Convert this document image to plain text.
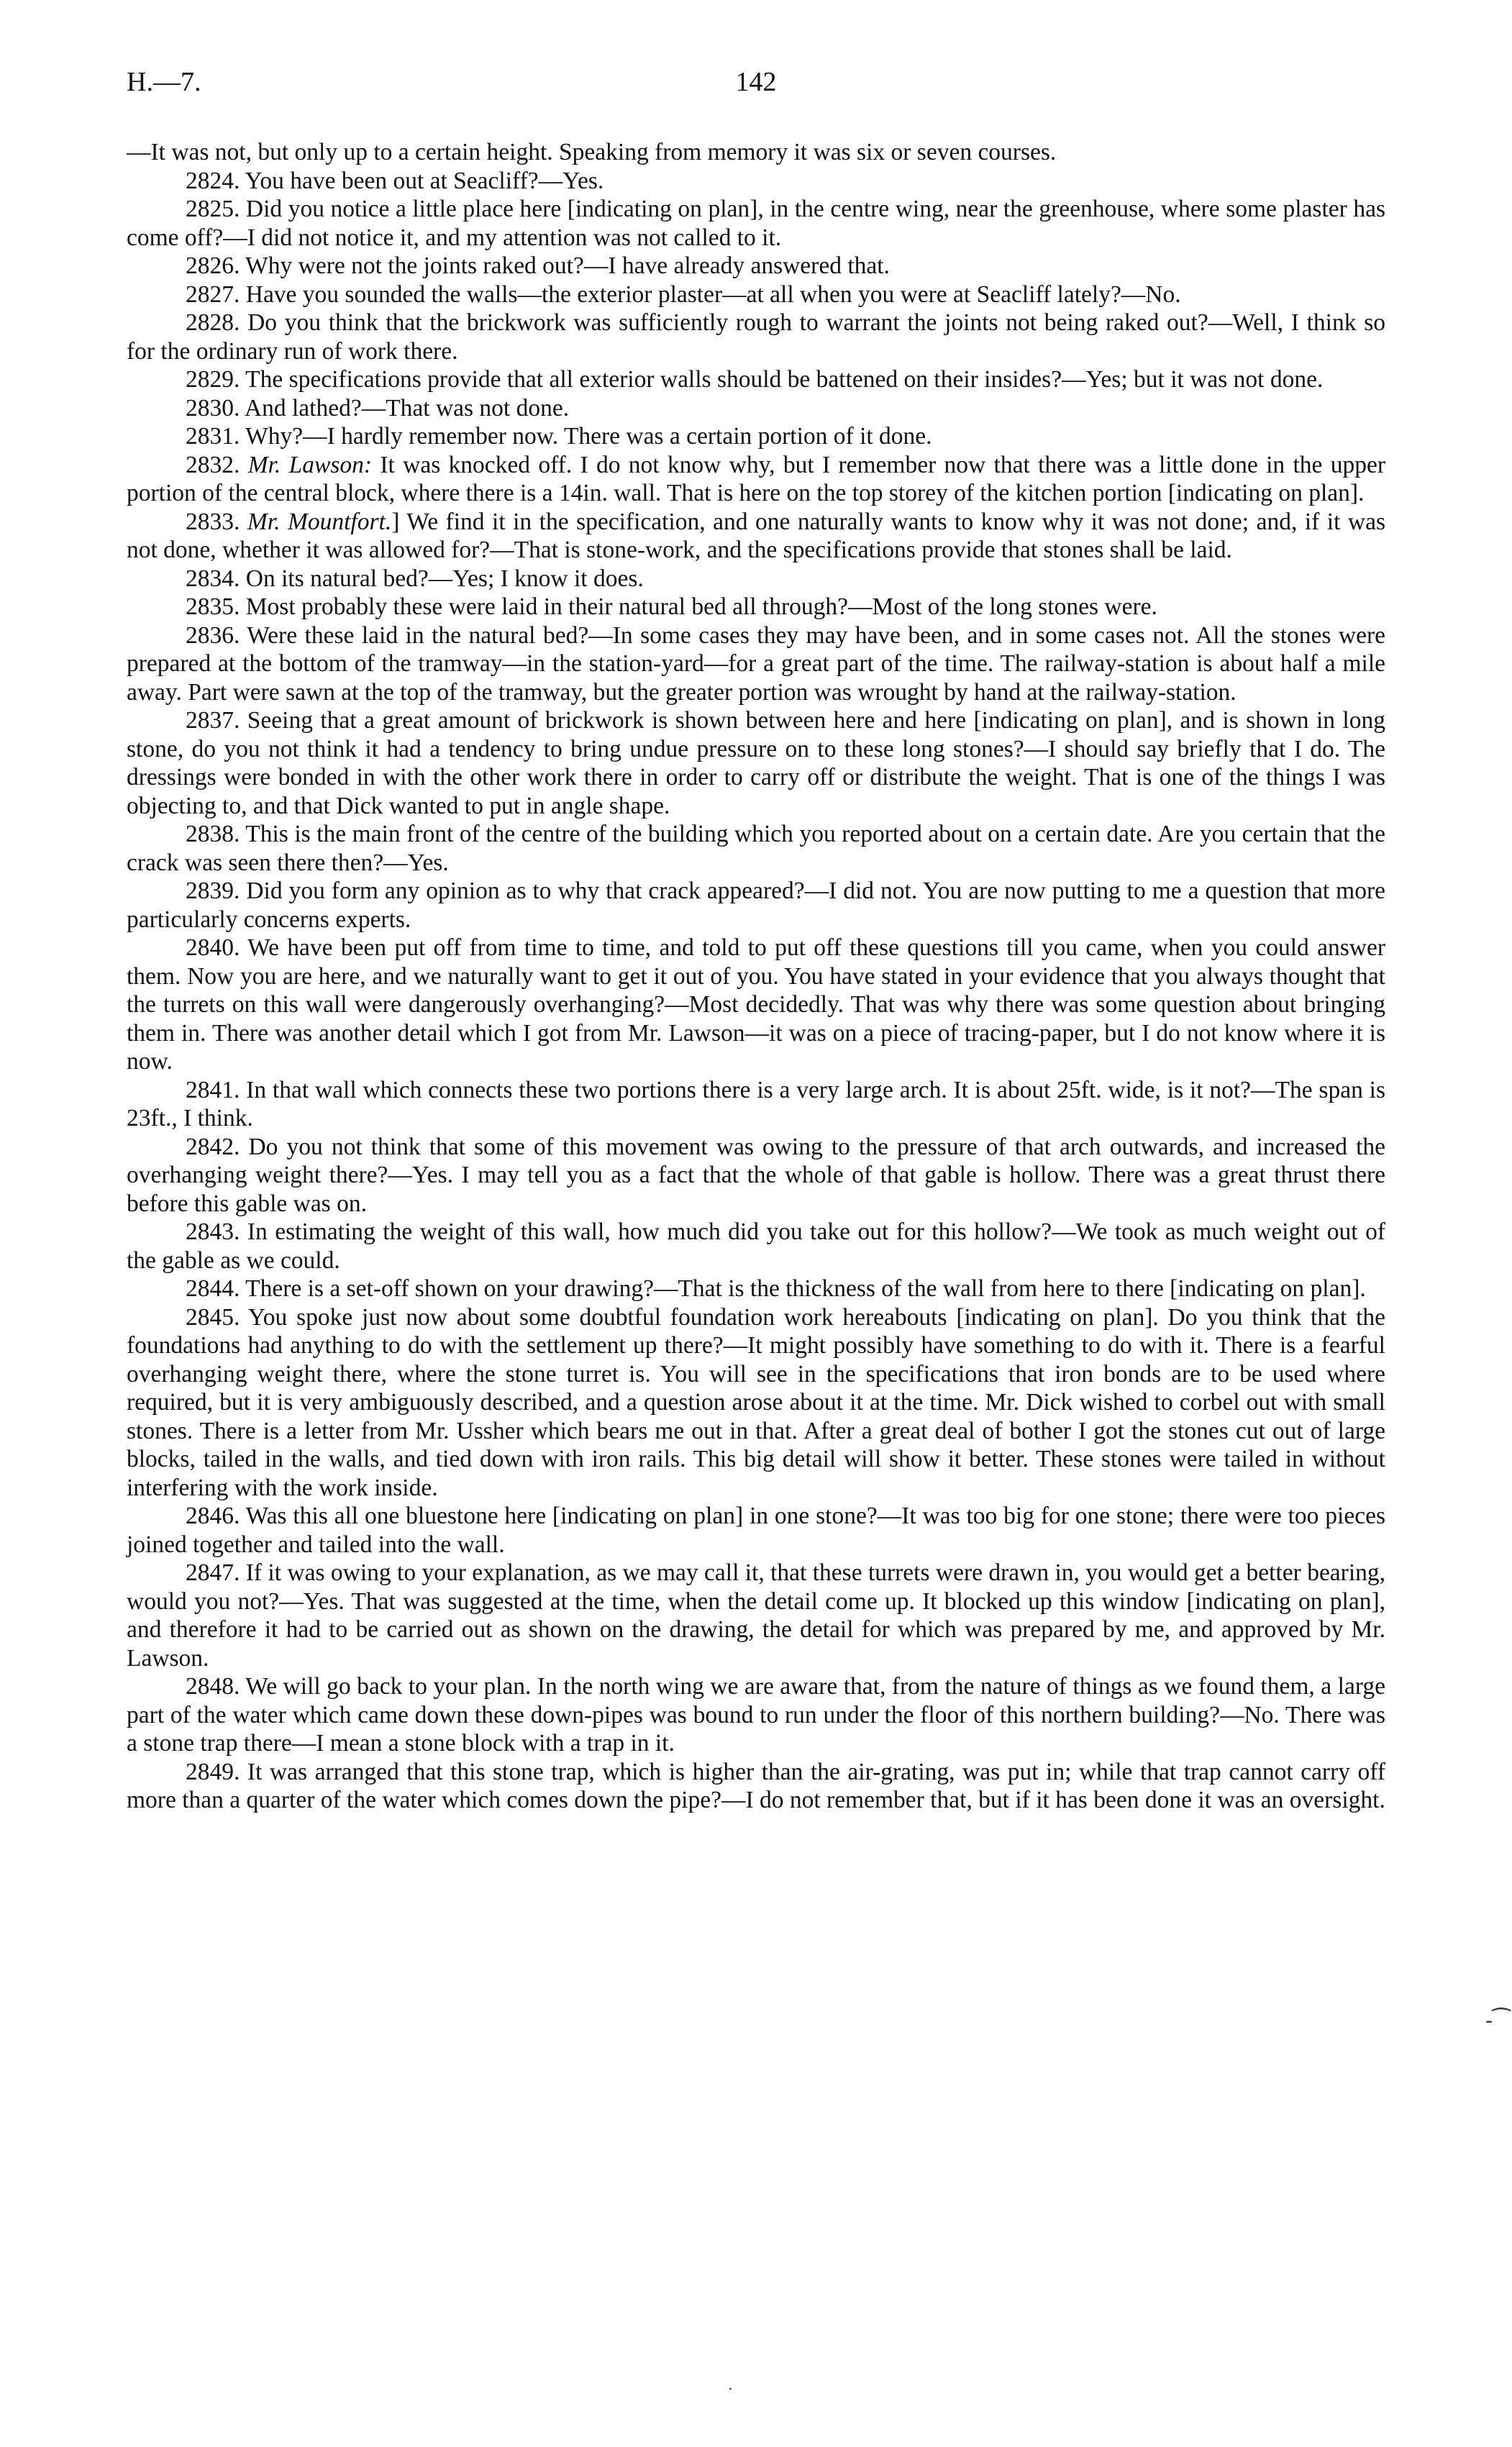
H.—7.	142

—It was not, but only up to a certain height. Speaking from memory it was six or seven courses.

2824. You have been out at Seacliff?—Yes.

2825. Did you notice a little place here [indicating on plan], in the centre wing, near the greenhouse, where some plaster has come off?—I did not notice it, and my attention was not called to it.

2826. Why were not the joints raked out?—I have already answered that.

2827. Have you sounded the walls—the exterior plaster—at all when you were at Seacliff lately?—No.

2828. Do you think that the brickwork was sufficiently rough to warrant the joints not being raked out?—Well, I think so for the ordinary run of work there.

2829. The specifications provide that all exterior walls should be battened on their insides?—Yes; but it was not done.

2830. And lathed?—That was not done.

2831. Why?—I hardly remember now. There was a certain portion of it done.

2832. Mr. Lawson: It was knocked off. I do not know why, but I remember now that there was a little done in the upper portion of the central block, where there is a 14in. wall. That is here on the top storey of the kitchen portion [indicating on plan].

2833. Mr. Mountfort.] We find it in the specification, and one naturally wants to know why it was not done; and, if it was not done, whether it was allowed for?—That is stone-work, and the specifications provide that stones shall be laid.

2834. On its natural bed?—Yes; I know it does.

2835. Most probably these were laid in their natural bed all through?—Most of the long stones were.

2836. Were these laid in the natural bed?—In some cases they may have been, and in some cases not. All the stones were prepared at the bottom of the tramway—in the station-yard—for a great part of the time. The railway-station is about half a mile away. Part were sawn at the top of the tramway, but the greater portion was wrought by hand at the railway-station.

2837. Seeing that a great amount of brickwork is shown between here and here [indicating on plan], and is shown in long stone, do you not think it had a tendency to bring undue pressure on to these long stones?—I should say briefly that I do. The dressings were bonded in with the other work there in order to carry off or distribute the weight. That is one of the things I was objecting to, and that Dick wanted to put in angle shape.

2838. This is the main front of the centre of the building which you reported about on a certain date. Are you certain that the crack was seen there then?—Yes.

2839. Did you form any opinion as to why that crack appeared?—I did not. You are now putting to me a question that more particularly concerns experts.

2840. We have been put off from time to time, and told to put off these questions till you came, when you could answer them. Now you are here, and we naturally want to get it out of you. You have stated in your evidence that you always thought that the turrets on this wall were dangerously overhanging?—Most decidedly. That was why there was some question about bringing them in. There was another detail which I got from Mr. Lawson—it was on a piece of tracing-paper, but I do not know where it is now.

2841. In that wall which connects these two portions there is a very large arch. It is about 25ft. wide, is it not?—The span is 23ft., I think.

2842. Do you not think that some of this movement was owing to the pressure of that arch outwards, and increased the overhanging weight there?—Yes. I may tell you as a fact that the whole of that gable is hollow. There was a great thrust there before this gable was on.

2843. In estimating the weight of this wall, how much did you take out for this hollow?—We took as much weight out of the gable as we could.

2844. There is a set-off shown on your drawing?—That is the thickness of the wall from here to there [indicating on plan].

2845. You spoke just now about some doubtful foundation work hereabouts [indicating on plan]. Do you think that the foundations had anything to do with the settlement up there?—It might possibly have something to do with it. There is a fearful overhanging weight there, where the stone turret is. You will see in the specifications that iron bonds are to be used where required, but it is very ambiguously described, and a question arose about it at the time. Mr. Dick wished to corbel out with small stones. There is a letter from Mr. Ussher which bears me out in that. After a great deal of bother I got the stones cut out of large blocks, tailed in the walls, and tied down with iron rails. This big detail will show it better. These stones were tailed in without interfering with the work inside.

2846. Was this all one bluestone here [indicating on plan] in one stone?—It was too big for one stone; there were too pieces joined together and tailed into the wall.

2847. If it was owing to your explanation, as we may call it, that these turrets were drawn in, you would get a better bearing, would you not?—Yes. That was suggested at the time, when the detail come up. It blocked up this window [indicating on plan], and therefore it had to be carried out as shown on the drawing, the detail for which was prepared by me, and approved by Mr. Lawson.

2848. We will go back to your plan. In the north wing we are aware that, from the nature of things as we found them, a large part of the water which came down these down-pipes was bound to run under the floor of this northern building?—No. There was a stone trap there—I mean a stone block with a trap in it.

2849. It was arranged that this stone trap, which is higher than the air-grating, was put in; while that trap cannot carry off more than a quarter of the water which comes down the pipe?—I do not remember that, but if it has been done it was an oversight.

-⁀
·
